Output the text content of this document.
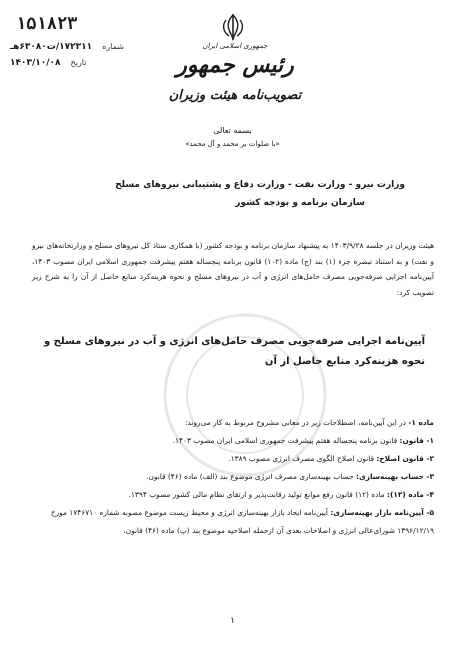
۱۵۱۸۲۳
شماره
۱۷۲۳۱۱/ت۶۳۰۸۰هـ
تاریخ
۱۴۰۳/۱۰/۰۸
جمهوری اسلامی ایران
رئیس جمهور
تصویب‌نامه هیئت وزیران
بسمه تعالی
«با صلوات بر محمد و آل محمد»
وزارت نیرو - وزارت نفت - وزارت دفاع و پشتیبانی نیروهای مسلح
سازمان برنامه و بودجه کشور
هیئت وزیران در جلسه ۱۴۰۳/۹/۲۸ به پیشنهاد سازمان برنامه و بودجه کشور (با همکاری ستاد کل نیروهای مسلح و وزارتخانه‌های نیرو و نفت) و به استناد تبصره جزء (۱) بند (ج) ماده (۱۰۲) قانون برنامه پنجساله هفتم پیشرفت جمهوری اسلامی ایران مصوب ۱۴۰۳، آیین‌نامه اجرایی صرفه‌جویی مصرف حامل‌های انرژی و آب در نیروهای مسلح و نحوه هزینه‌کرد منابع حاصل از آن را به شرح زیر تصویب کرد:
آیین‌نامه اجرایی صرفه‌جویی مصرف حامل‌های انرژی و آب در نیروهای مسلح و
نحوه هزینه‌کرد منابع حاصل از آن

ماده ۱- در این آیین‌نامه، اصطلاحات زیر در معانی مشروح مربوط به کار می‌روند:

۱- قانون: قانون برنامه پنجساله هفتم پیشرفت جمهوری اسلامی ایران مصوب ۱۴۰۳.

۲- قانون اصلاح: قانون اصلاح الگوی مصرف انرژی مصوب ۱۳۸۹.

۳- حساب بهینه‌سازی: حساب بهینه‌سازی مصرف انرژی موضوع بند (الف) ماده (۴۶) قانون.

۴- ماده (۱۲): ماده (۱۲) قانون رفع موانع تولید رقابت‌پذیر و ارتقای نظام مالی کشور مصوب ۱۳۹۴.

۵- آیین‌نامه بازار بهینه‌سازی: آیین‌نامه ایجاد بازار بهینه‌سازی انرژی و محیط زیست موضوع مصوبه شماره ۱۷۴۶۷۱۰ مورخ ۱۳۹۶/۱۲/۱۹ شورای‌عالی انرژی و اصلاحات بعدی آن ازجمله اصلاحیه موضوع بند (پ) ماده (۴۶) قانون.

۱
